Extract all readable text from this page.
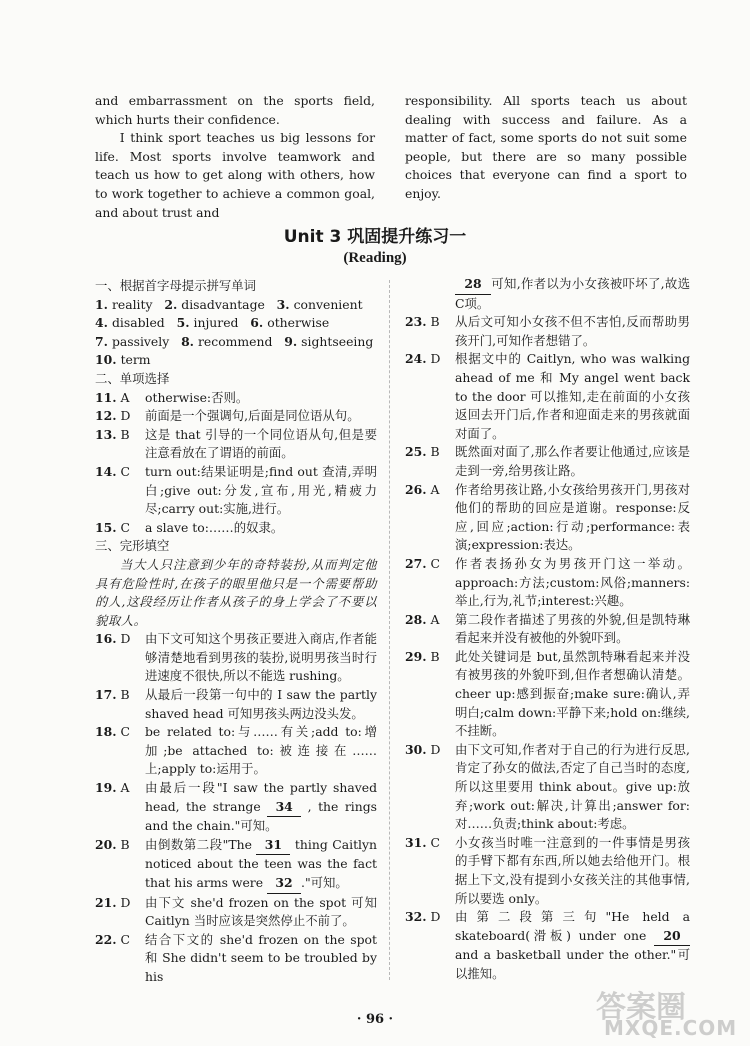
and embarrassment on the sports field, which hurts their confidence.

I think sport teaches us big lessons for life. Most sports involve teamwork and teach us how to get along with others, how to work together to achieve a common goal, and about trust and

responsibility. All sports teach us about dealing with success and failure. As a matter of fact, some sports do not suit some people, but there are so many possible choices that everyone can find a sport to enjoy.

Unit 3 巩固提升练习一
(Reading)
一、根据首字母提示拼写单词
1. reality 2. disadvantage 3. convenient
4. disabled 5. injured 6. otherwise
7. passively 8. recommend 9. sightseeing
10. term
二、单项选择
11. A	otherwise:否则。
12. D	前面是一个强调句,后面是同位语从句。
13. B	这是 that 引导的一个同位语从句,但是要注意看放在了谓语的前面。
14. C	turn out:结果证明是;find out 查清,弄明白;give out:分发,宣布,用光,精疲力尽;carry out:实施,进行。
15. C	a slave to:……的奴隶。
三、完形填空

当大人只注意到少年的奇特装扮,从而判定他具有危险性时,在孩子的眼里他只是一个需要帮助的人,这段经历让作者从孩子的身上学会了不要以貌取人。

16. D	由下文可知这个男孩正要进入商店,作者能够清楚地看到男孩的装扮,说明男孩当时行进速度不很快,所以不能选 rushing。
17. B	从最后一段第一句中的 I saw the partly shaved head 可知男孩头两边没头发。
18. C	be related to:与……有关;add to:增加;be attached to:被连接在……上;apply to:运用于。
19. A	由最后一段"I saw the partly shaved head, the strange 34 , the rings and the chain."可知。
20. B	由倒数第二段"The 31 thing Caitlyn noticed about the teen was the fact that his arms were 32 ."可知。
21. D	由下文 she'd frozen on the spot 可知 Caitlyn 当时应该是突然停止不前了。
22. C	结合下文的 she'd frozen on the spot 和 She didn't seem to be troubled by his
28 可知,作者以为小女孩被吓坏了,故选C项。
23. B	从后文可知小女孩不但不害怕,反而帮助男孩开门,可知作者想错了。
24. D	根据文中的 Caitlyn, who was walking ahead of me 和 My angel went back to the door 可以推知,走在前面的小女孩返回去开门后,作者和迎面走来的男孩就面对面了。
25. B	既然面对面了,那么作者要让他通过,应该是走到一旁,给男孩让路。
26. A	作者给男孩让路,小女孩给男孩开门,男孩对他们的帮助的回应是道谢。response:反应,回应;action:行动;performance:表演;expression:表达。
27. C	作者表扬孙女为男孩开门这一举动。approach:方法;custom:风俗;manners:举止,行为,礼节;interest:兴趣。
28. A	第二段作者描述了男孩的外貌,但是凯特琳看起来并没有被他的外貌吓到。
29. B	此处关键词是 but,虽然凯特琳看起来并没有被男孩的外貌吓到,但作者想确认清楚。cheer up:感到振奋;make sure:确认,弄明白;calm down:平静下来;hold on:继续,不挂断。
30. D	由下文可知,作者对于自己的行为进行反思,肯定了孙女的做法,否定了自己当时的态度,所以这里要用 think about。give up:放弃;work out:解决,计算出;answer for:对……负责;think about:考虑。
31. C	小女孩当时唯一注意到的一件事情是男孩的手臂下都有东西,所以她去给他开门。根据上下文,没有提到小女孩关注的其他事情,所以要选 only。
32. D	由第二段第三句"He held a skateboard(滑板) under one 20 and a basketball under the other."可以推知。
· 96 ·	答案圈
MXQE.COM
